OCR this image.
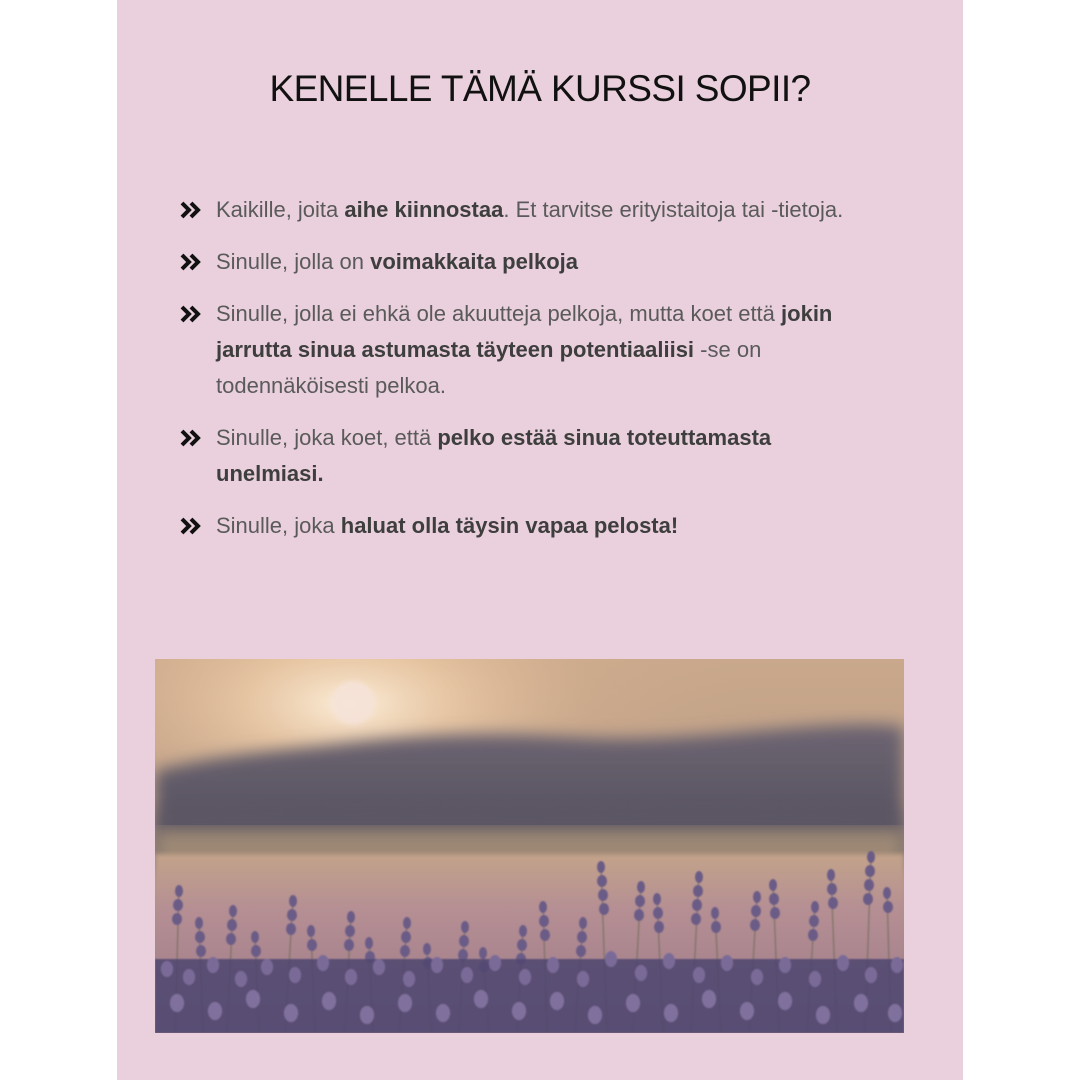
KENELLE TÄMÄ KURSSI SOPII?
Kaikille, joita aihe kiinnostaa. Et tarvitse erityistaitoja tai -tietoja.
Sinulle, jolla on voimakkaita pelkoja
Sinulle, jolla ei ehkä ole akuutteja pelkoja, mutta koet että jokin jarrutta sinua astumasta täyteen potentiaaliisi -se on todennäköisesti pelkoa.
Sinulle, joka koet, että pelko estää sinua toteuttamasta unelmiasi.
Sinulle, joka haluat olla täysin vapaa pelosta!
